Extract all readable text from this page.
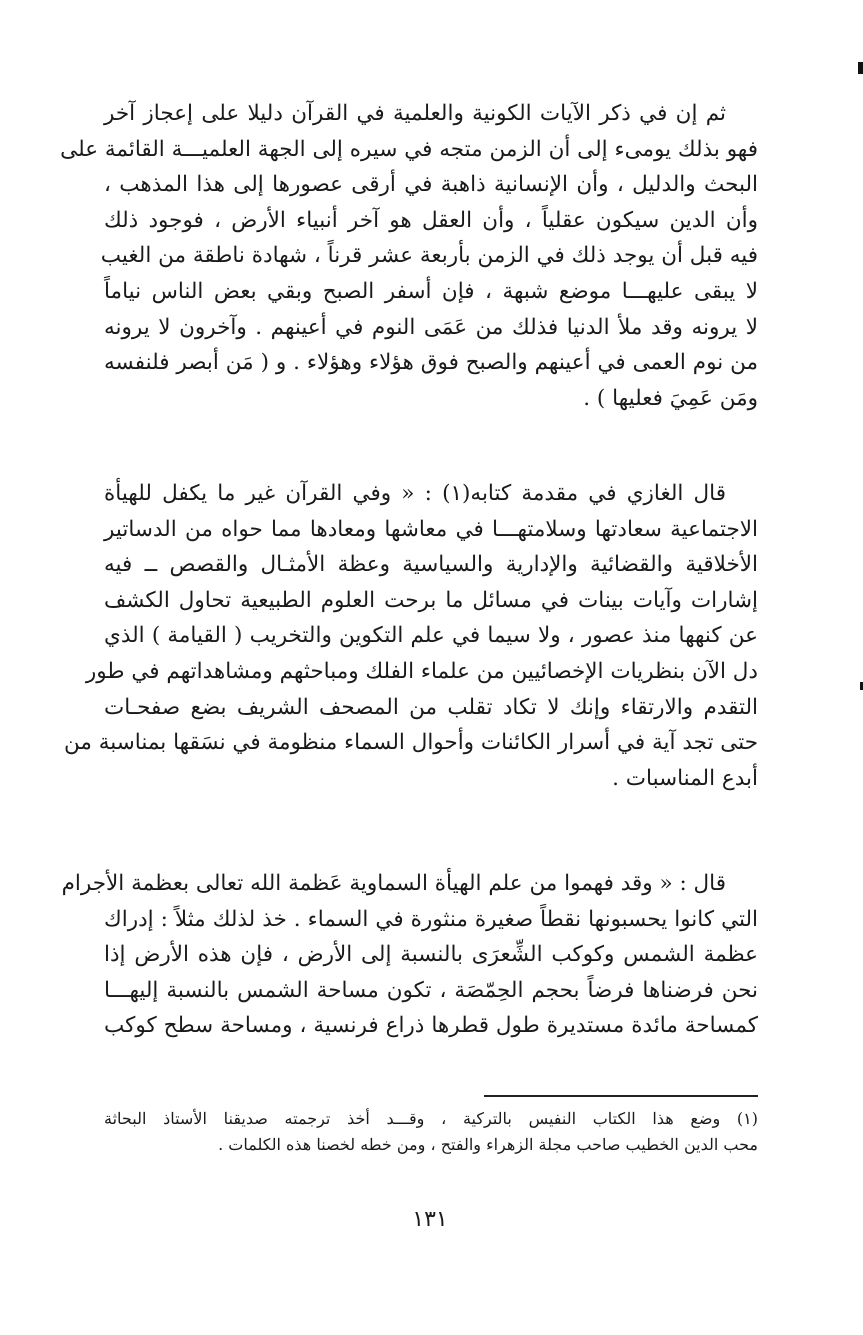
ثم إن في ذكر الآيات الكونية والعلمية في القرآن دليلا على إعجاز آخر
فهو بذلك يومىء إلى أن الزمن متجه في سيره إلى الجهة العلميـــة القائمة على
البحث والدليل ، وأن الإنسانية ذاهبة في أرقى عصورها إلى هذا المذهب ،
وأن الدين سيكون عقلياً ، وأن العقل هو آخر أنبياء الأرض ، فوجود ذلك
فيه قبل أن يوجد ذلك في الزمن بأربعة عشر قرناً ، شهادة ناطقة من الغيب
لا يبقى عليهـــا موضع شبهة ، فإن أسفر الصبح وبقي بعض الناس نياماً
لا يرونه وقد ملأ الدنيا فذلك من عَمَى النوم في أعينهم . وآخرون لا يرونه
من نوم العمى في أعينهم والصبح فوق هؤلاء وهؤلاء . و ( مَن أبصر فلنفسه
ومَن عَمِيَ فعليها ) .
قال الغازي في مقدمة كتابه(١) : « وفي القرآن غير ما يكفل للهيأة
الاجتماعية سعادتها وسلامتهـــا في معاشها ومعادها مما حواه من الدساتير
الأخلاقية والقضائية والإدارية والسياسية وعظة الأمثـال والقصص ــ فيه
إشارات وآيات بينات في مسائل ما برحت العلوم الطبيعية تحاول الكشف
عن كنهها منذ عصور ، ولا سيما في علم التكوين والتخريب ( القيامة ) الذي
دل الآن بنظريات الإخصائيين من علماء الفلك ومباحثهم ومشاهداتهم في طور
التقدم والارتقاء وإنك لا تكاد تقلب من المصحف الشريف بضع صفحـات
حتى تجد آية في أسرار الكائنات وأحوال السماء منظومة في نسَقها بمناسبة من
أبدع المناسبات .
قال : « وقد فهموا من علم الهيأة السماوية عَظمة الله تعالى بعظمة الأجرام
التي كانوا يحسبونها نقطاً صغيرة منثورة في السماء . خذ لذلك مثلاً : إدراك
عظمة الشمس وكوكب الشِّعرَى بالنسبة إلى الأرض ، فإن هذه الأرض إذا
نحن فرضناها فرضاً بحجم الحِمّصَة ، تكون مساحة الشمس بالنسبة إليهـــا
كمساحة مائدة مستديرة طول قطرها ذراع فرنسية ، ومساحة سطح كوكب
(١) وضع هذا الكتاب النفيس بالتركية ، وقـــد أخذ ترجمته صديقنا الأستاذ البحاثة
محب الدين الخطيب صاحب مجلة الزهراء والفتح ، ومن خطه لخصنا هذه الكلمات .
١٣١
